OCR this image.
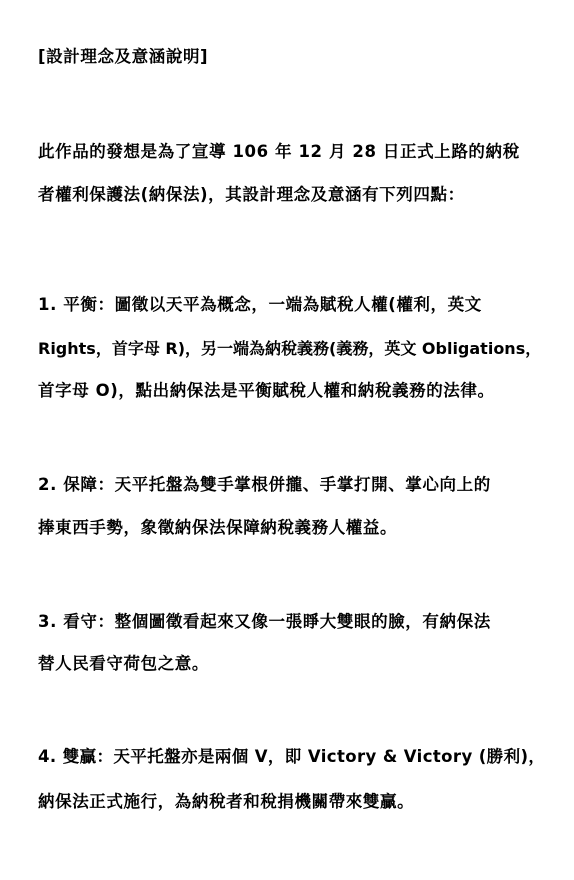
[設計理念及意涵說明]
此作品的發想是為了宣導 106 年 12 月 28 日正式上路的納稅
者權利保護法(納保法)，其設計理念及意涵有下列四點：
1. 平衡：圖徵以天平為概念，一端為賦稅人權(權利，英文
Rights，首字母 R)，另一端為納稅義務(義務，英文 Obligations，
首字母 O)，點出納保法是平衡賦稅人權和納稅義務的法律。
2. 保障：天平托盤為雙手掌根併攏、手掌打開、掌心向上的
捧東西手勢，象徵納保法保障納稅義務人權益。
3. 看守：整個圖徵看起來又像一張睜大雙眼的臉，有納保法
替人民看守荷包之意。
4. 雙贏：天平托盤亦是兩個 V，即 Victory & Victory (勝利)，
納保法正式施行，為納稅者和稅捐機關帶來雙贏。
